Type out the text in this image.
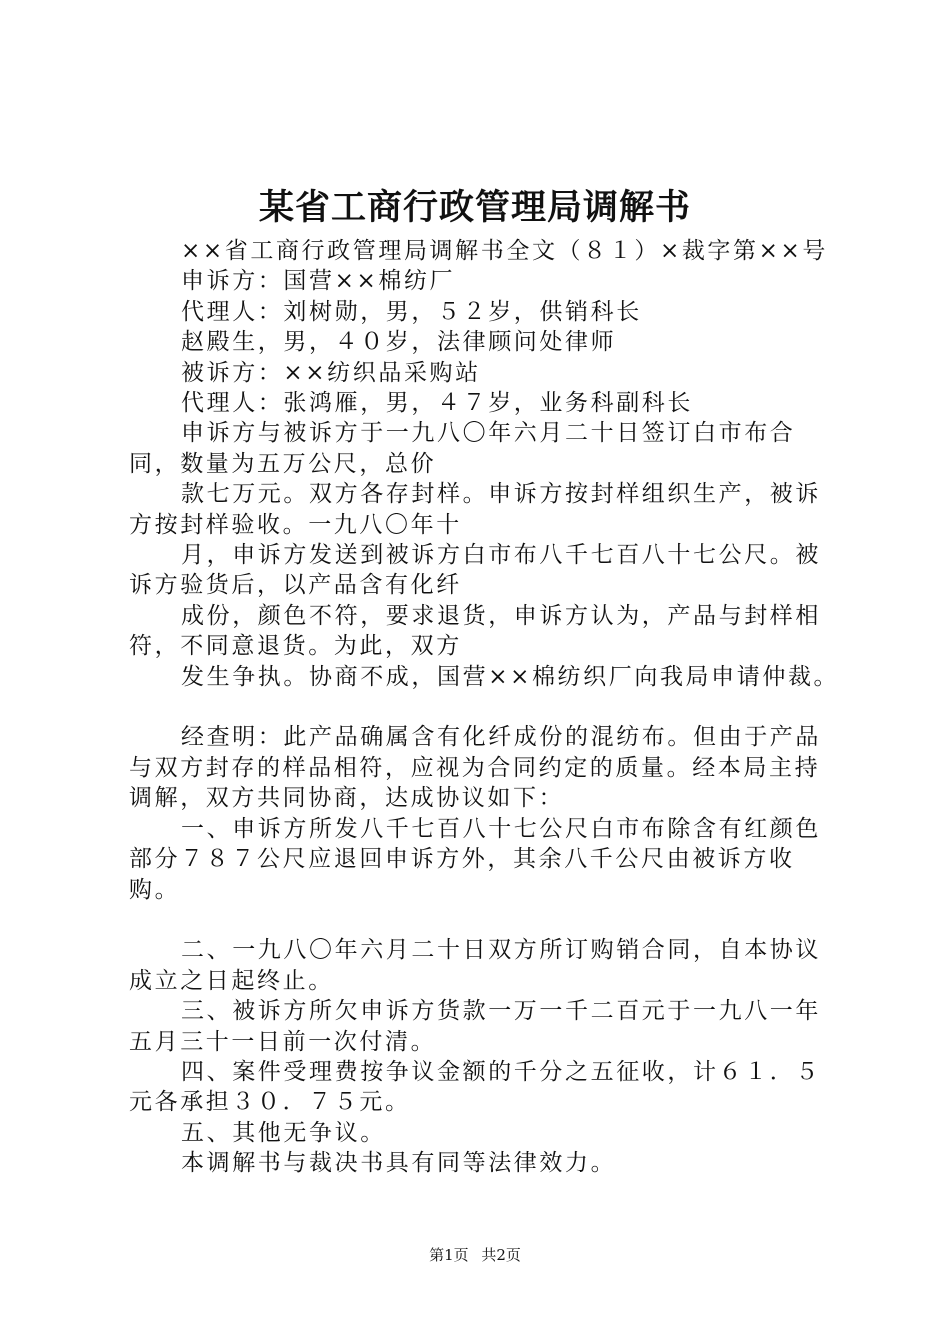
某省工商行政管理局调解书

××省工商行政管理局调解书全文（８１）×裁字第××号

申诉方：国营××棉纺厂

代理人：刘树勋，男，５２岁，供销科长

赵殿生，男，４０岁，法律顾问处律师

被诉方：××纺织品采购站

代理人：张鸿雁，男，４７岁，业务科副科长

申诉方与被诉方于一九八〇年六月二十日签订白市布合同，数量为五万公尺，总价

款七万元。双方各存封样。申诉方按封样组织生产，被诉方按封样验收。一九八〇年十

月，申诉方发送到被诉方白市布八千七百八十七公尺。被诉方验货后，以产品含有化纤

成份，颜色不符，要求退货，申诉方认为，产品与封样相符，不同意退货。为此，双方

发生争执。协商不成，国营××棉纺织厂向我局申请仲裁。

经查明：此产品确属含有化纤成份的混纺布。但由于产品与双方封存的样品相符，应视为合同约定的质量。经本局主持调解，双方共同协商，达成协议如下：

一、申诉方所发八千七百八十七公尺白市布除含有红颜色部分７８７公尺应退回申诉方外，其余八千公尺由被诉方收购。

二、一九八〇年六月二十日双方所订购销合同，自本协议成立之日起终止。

三、被诉方所欠申诉方货款一万一千二百元于一九八一年五月三十一日前一次付清。

四、案件受理费按争议金额的千分之五征收，计６１．５元各承担３０．７５元。

五、其他无争议。

本调解书与裁决书具有同等法律效力。

第1页 共2页
